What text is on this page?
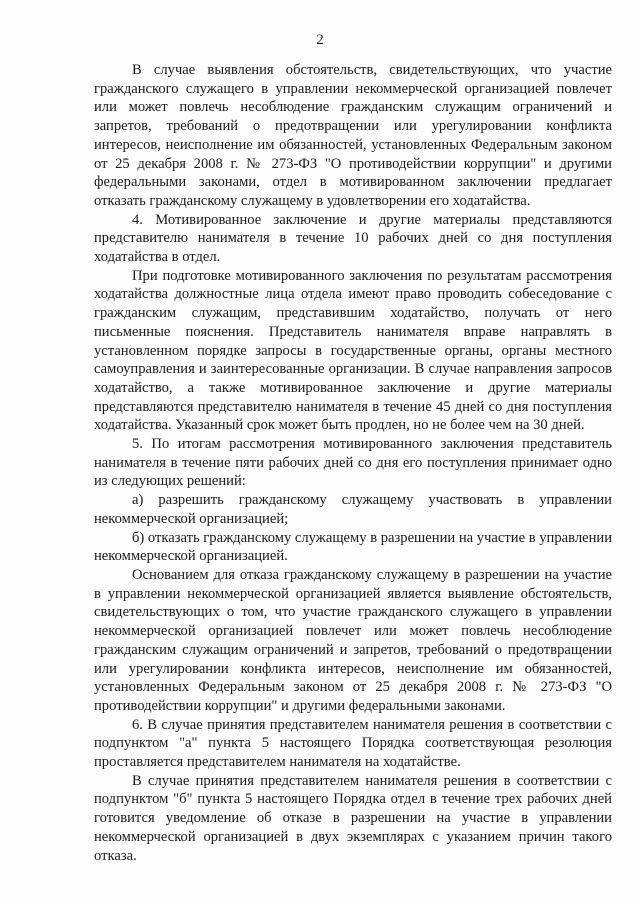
2

В случае выявления обстоятельств, свидетельствующих, что участие гражданского служащего в управлении некоммерческой организацией повлечет или может повлечь несоблюдение гражданским служащим ограничений и запретов, требований о предотвращении или урегулировании конфликта интересов, неисполнение им обязанностей, установленных Федеральным законом от 25 декабря 2008 г. № 273-ФЗ "О противодействии коррупции" и другими федеральными законами, отдел в мотивированном заключении предлагает отказать гражданскому служащему в удовлетворении его ходатайства.

4. Мотивированное заключение и другие материалы представляются представителю нанимателя в течение 10 рабочих дней со дня поступления ходатайства в отдел.

При подготовке мотивированного заключения по результатам рассмотрения ходатайства должностные лица отдела имеют право проводить собеседование с гражданским служащим, представившим ходатайство, получать от него письменные пояснения. Представитель нанимателя вправе направлять в установленном порядке запросы в государственные органы, органы местного самоуправления и заинтересованные организации. В случае направления запросов ходатайство, а также мотивированное заключение и другие материалы представляются представителю нанимателя в течение 45 дней со дня поступления ходатайства. Указанный срок может быть продлен, но не более чем на 30 дней.

5. По итогам рассмотрения мотивированного заключения представитель нанимателя в течение пяти рабочих дней со дня его поступления принимает одно из следующих решений:

а) разрешить гражданскому служащему участвовать в управлении некоммерческой организацией;

б) отказать гражданскому служащему в разрешении на участие в управлении некоммерческой организацией.

Основанием для отказа гражданскому служащему в разрешении на участие в управлении некоммерческой организацией является выявление обстоятельств, свидетельствующих о том, что участие гражданского служащего в управлении некоммерческой организацией повлечет или может повлечь несоблюдение гражданским служащим ограничений и запретов, требований о предотвращении или урегулировании конфликта интересов, неисполнение им обязанностей, установленных Федеральным законом от 25 декабря 2008 г. № 273-ФЗ "О противодействии коррупции" и другими федеральными законами.

6. В случае принятия представителем нанимателя решения в соответствии с подпунктом "а" пункта 5 настоящего Порядка соответствующая резолюция проставляется представителем нанимателя на ходатайстве.

В случае принятия представителем нанимателя решения в соответствии с подпунктом "б" пункта 5 настоящего Порядка отдел в течение трех рабочих дней готовится уведомление об отказе в разрешении на участие в управлении некоммерческой организацией в двух экземплярах с указанием причин такого отказа.
